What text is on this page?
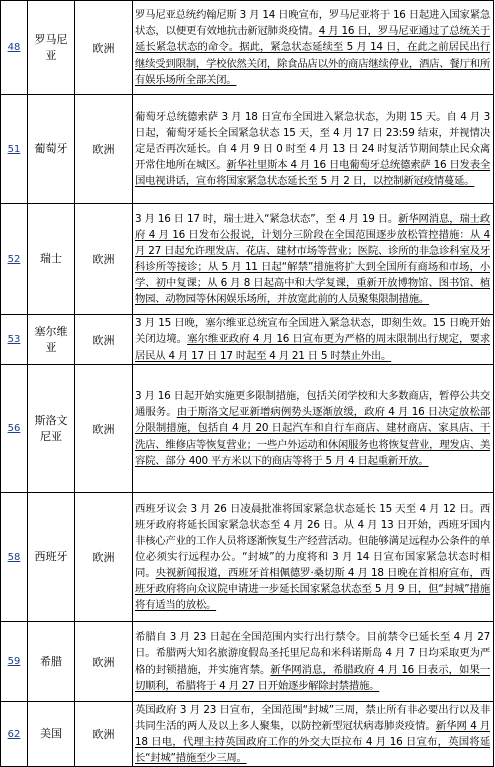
48	罗马尼亚	欧洲	罗马尼亚总统约翰尼斯 3 月 14 日晚宣布，罗马尼亚将于 16 日起进入国家紧急状态，以便更有效地抗击新冠肺炎疫情。4 月 16 日，罗马尼亚通过了总统关于延长紧急状态的命令。据此，紧急状态延续至 5 月 14 日，在此之前居民出行继续受到限制，学校依然关闭，除食品店以外的商店继续停业，酒店、餐厅和所有娱乐场所全部关闭。
51	葡萄牙	欧洲	葡萄牙总统德索萨 3 月 18 日宣布全国进入紧急状态，为期 15 天。自 4 月 3 日起，葡萄牙延长全国紧急状态 15 天，至 4 月 17 日 23:59 结束，并视情决定是否再次延长。自 4 月 9 日 0 时至 4 月 13 日 24 时复活节期间禁止民众离开常住地所在城区。新华社里斯本 4 月 16 日电葡萄牙总统德索萨 16 日发表全国电视讲话，宣布将国家紧急状态延长至 5 月 2 日，以控制新冠疫情蔓延。
52	瑞士	欧洲	3 月 16 日 17 时，瑞士进入“紧急状态”，至 4 月 19 日。新华网消息，瑞士政府 4 月 16 日发布公报说，计划分三阶段在全国范围逐步放松管控措施：从 4 月 27 日起允许理发店、花店、建材市场等营业；医院、诊所的非急诊科室及牙科诊所等接诊；从 5 月 11 日起“解禁”措施将扩大到全国所有商场和市场，小学、初中复课；从 6 月 8 日起高中和大学复课，重新开放博物馆、图书馆、植物园、动物园等休闲娱乐场所，并放宽此前的人员聚集限制措施。
53	塞尔维亚	欧洲	3 月 15 日晚，塞尔维亚总统宣布全国进入紧急状态，即刻生效。15 日晚开始关闭边境。塞尔维亚政府 4 月 16 日宣布更为严格的周末限制出行规定，要求居民从 4 月 17 日 17 时起至 4 月 21 日 5 时禁止外出。
56	斯洛文尼亚	欧洲	3 月 16 日起开始实施更多限制措施，包括关闭学校和大多数商店，暂停公共交通服务。由于斯洛文尼亚新增病例势头逐渐放缓，政府 4 月 16 日决定放松部分限制措施，包括自 4 月 20 日起汽车和自行车商店、建材商店、家具店、干洗店、维修店等恢复营业；一些户外运动和休闲服务也将恢复营业，理发店、美容院、部分 400 平方米以下的商店等将于 5 月 4 日起重新开放。
58	西班牙	欧洲	西班牙议会 3 月 26 日凌晨批准将国家紧急状态延长 15 天至 4 月 12 日。西班牙政府将延长国家紧急状态至 4 月 26 日。从 4 月 13 日开始，西班牙国内非核心产业的工作人员将逐渐恢复生产经营活动。但能够满足远程办公条件的单位必须实行远程办公。“封城”的力度将和 3 月 14 日宣布国家紧急状态时相同。央视新闻报道，西班牙首相佩德罗·桑切斯 4 月 18 日晚在首相府宣布，西班牙政府将向众议院申请进一步延长国家紧急状态至 5 月 9 日，但“封城”措施将有适当的放松。
59	希腊	欧洲	希腊自 3 月 23 日起在全国范围内实行出行禁令。目前禁令已延长至 4 月 27 日。希腊两大知名旅游度假岛圣托里尼岛和米科诺斯岛 4 月 7 日均采取更为严格的封锁措施，并实施宵禁。新华网消息，希腊政府 4 月 16 日表示，如果一切顺利，希腊将于 4 月 27 日开始逐步解除封禁措施。
62	美国	欧洲	英国政府 3 月 23 日宣布，全国范围“封城”三周，禁止所有非必要出行以及非共同生活的两人及以上多人聚集，以防控新型冠状病毒肺炎疫情。新华网 4 月 18 日电，代理主持英国政府工作的外交大臣拉布 4 月 16 日宣布，英国将延长“封城”措施至少三周。
